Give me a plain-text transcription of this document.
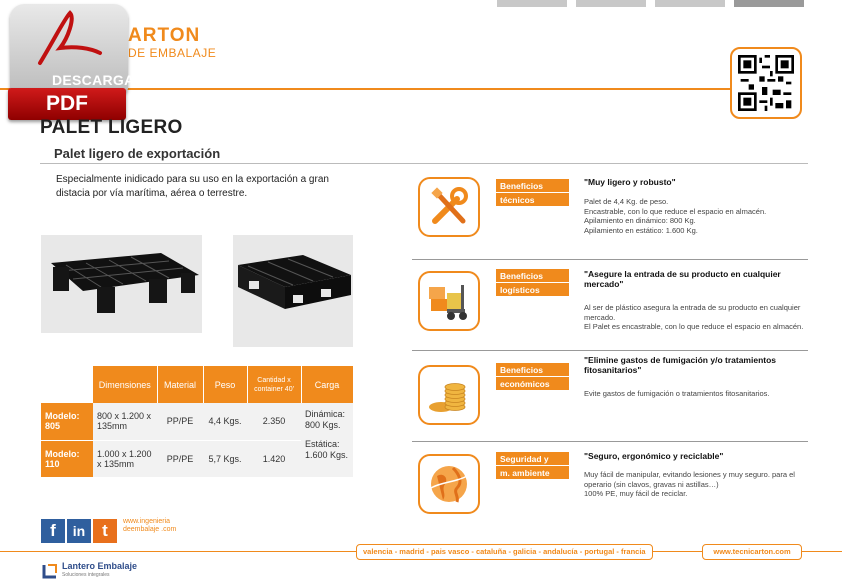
ARTON
DE EMBALAJE
DESCARGA
PDF
PALET LIGERO
Palet ligero de exportación
Especialmente inidicado para su uso en la exportación a gran distacia por vía marítima, aérea o terrestre.
	Dimensiones	Material	Peso	Cantidad x container 40'	Carga
Modelo: 805	800 x 1.200 x 135mm	PP/PE	4,4 Kgs.	2.350	Dinámica: 800 Kgs.
Estática: 1.600 Kgs.

Modelo: 110	1.000 x 1.200 x 135mm	PP/PE	5,7 Kgs.	1.420	
Beneficios
técnicos
"Muy ligero y robusto"
Palet de 4,4 Kg. de peso.
Encastrable, con lo que reduce el espacio en almacén.
Apilamiento en dinámico: 800 Kg.
Apilamiento en estático: 1.600 Kg.
Beneficios
logísticos
"Asegure la entrada de su producto en cualquier mercado"
Al ser de plástico asegura la entrada de su producto en cualquier mercado.
El Palet es encastrable, con lo que reduce el espacio en almacén.
Beneficios
económicos
"Elimine gastos de fumigación y/o tratamientos fitosanitarios"
Evite gastos de fumigación o tratamientos fitosanitarios.
Seguridad y
m. ambiente
"Seguro, ergonómico y reciclable"
Muy fácil de manipular, evitando lesiones y muy seguro. para el operario (sin clavos, gravas ni astillas…)
100% PE, muy fácil de reciclar.
f	in t	www.ingenieria deembalaje .com
valencia - madrid - pais vasco - cataluña - galicia - andalucía - portugal - francia	www.tecnicarton.com
Lantero Embalaje
Soluciones integrales
